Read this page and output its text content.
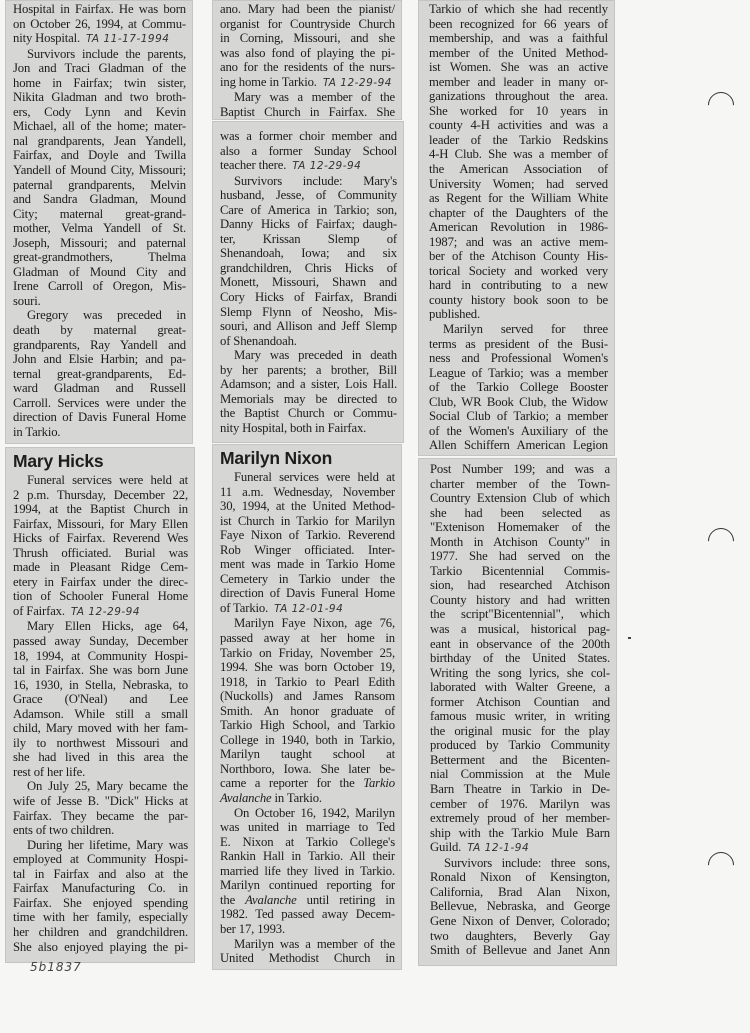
Hospital in Fairfax. He was born
on October 26, 1994, at Commu-
nity Hospital. TA 11-17-1994
Survivors include the parents,
Jon and Traci Gladman of the
home in Fairfax; twin sister,
Nikita Gladman and two broth-
ers, Cody Lynn and Kevin
Michael, all of the home; mater-
nal grandparents, Jean Yandell,
Fairfax, and Doyle and Twilla
Yandell of Mound City, Missouri;
paternal grandparents, Melvin
and Sandra Gladman, Mound
City; maternal great-grand-
mother, Velma Yandell of St.
Joseph, Missouri; and paternal
great-grandmothers, Thelma
Gladman of Mound City and
Irene Carroll of Oregon, Mis-
souri.
Gregory was preceded in
death by maternal great-
grandparents, Ray Yandell and
John and Elsie Harbin; and pa-
ternal great-grandparents, Ed-
ward Gladman and Russell
Carroll. Services were under the
direction of Davis Funeral Home
in Tarkio.
Mary Hicks
Funeral services were held at
2 p.m. Thursday, December 22,
1994, at the Baptist Church in
Fairfax, Missouri, for Mary Ellen
Hicks of Fairfax. Reverend Wes
Thrush officiated. Burial was
made in Pleasant Ridge Cem-
etery in Fairfax under the direc-
tion of Schooler Funeral Home
of Fairfax. TA 12-29-94
Mary Ellen Hicks, age 64,
passed away Sunday, December
18, 1994, at Community Hospi-
tal in Fairfax. She was born June
16, 1930, in Stella, Nebraska, to
Grace (O'Neal) and Lee
Adamson. While still a small
child, Mary moved with her fam-
ily to northwest Missouri and
she had lived in this area the
rest of her life.
On July 25, Mary became the
wife of Jesse B. "Dick" Hicks at
Fairfax. They became the par-
ents of two children.
During her lifetime, Mary was
employed at Community Hospi-
tal in Fairfax and also at the
Fairfax Manufacturing Co. in
Fairfax. She enjoyed spending
time with her family, especially
her children and grandchildren.
She also enjoyed playing the pi-
ano. Mary had been the pianist/
organist for Countryside Church
in Corning, Missouri, and she
was also fond of playing the pi-
ano for the residents of the nurs-
ing home in Tarkio. TA 12-29-94
Mary was a member of the
Baptist Church in Fairfax. She
was a former choir member and
also a former Sunday School
teacher there. TA 12-29-94
Survivors include: Mary's
husband, Jesse, of Community
Care of America in Tarkio; son,
Danny Hicks of Fairfax; daugh-
ter, Krissan Slemp of
Shenandoah, Iowa; and six
grandchildren, Chris Hicks of
Monett, Missouri, Shawn and
Cory Hicks of Fairfax, Brandi
Slemp Flynn of Neosho, Mis-
souri, and Allison and Jeff Slemp
of Shenandoah.
Mary was preceded in death
by her parents; a brother, Bill
Adamson; and a sister, Lois Hall.
Memorials may be directed to
the Baptist Church or Commu-
nity Hospital, both in Fairfax.
Marilyn Nixon
Funeral services were held at
11 a.m. Wednesday, November
30, 1994, at the United Method-
ist Church in Tarkio for Marilyn
Faye Nixon of Tarkio. Reverend
Rob Winger officiated. Inter-
ment was made in Tarkio Home
Cemetery in Tarkio under the
direction of Davis Funeral Home
of Tarkio. TA 12-01-94
Marilyn Faye Nixon, age 76,
passed away at her home in
Tarkio on Friday, November 25,
1994. She was born October 19,
1918, in Tarkio to Pearl Edith
(Nuckolls) and James Ransom
Smith. An honor graduate of
Tarkio High School, and Tarkio
College in 1940, both in Tarkio,
Marilyn taught school at
Northboro, Iowa. She later be-
came a reporter for the Tarkio
Avalanche in Tarkio.
On October 16, 1942, Marilyn
was united in marriage to Ted
E. Nixon at Tarkio College's
Rankin Hall in Tarkio. All their
married life they lived in Tarkio.
Marilyn continued reporting for
the Avalanche until retiring in
1982. Ted passed away Decem-
ber 17, 1993.
Marilyn was a member of the
United Methodist Church in
Tarkio of which she had recently
been recognized for 66 years of
membership, and was a faithful
member of the United Method-
ist Women. She was an active
member and leader in many or-
ganizations throughout the area.
She worked for 10 years in
county 4-H activities and was a
leader of the Tarkio Redskins
4-H Club. She was a member of
the American Association of
University Women; had served
as Regent for the William White
chapter of the Daughters of the
American Revolution in 1986-
1987; and was an active mem-
ber of the Atchison County His-
torical Society and worked very
hard in contributing to a new
county history book soon to be
published.
Marilyn served for three
terms as president of the Busi-
ness and Professional Women's
League of Tarkio; was a member
of the Tarkio College Booster
Club, WR Book Club, the Widow
Social Club of Tarkio; a member
of the Women's Auxiliary of the
Allen Schiffern American Legion
Post Number 199; and was a
charter member of the Town-
Country Extension Club of which
she had been selected as
"Extenison Homemaker of the
Month in Atchison County" in
1977. She had served on the
Tarkio Bicentennial Commis-
sion, had researched Atchison
County history and had written
the script"Bicentennial", which
was a musical, historical pag-
eant in observance of the 200th
birthday of the United States.
Writing the song lyrics, she col-
laborated with Walter Greene, a
former Atchison Countian and
famous music writer, in writing
the original music for the play
produced by Tarkio Community
Betterment and the Bicenten-
nial Commission at the Mule
Barn Theatre in Tarkio in De-
cember of 1976. Marilyn was
extremely proud of her member-
ship with the Tarkio Mule Barn
Guild. TA 12-1-94
Survivors include: three sons,
Ronald Nixon of Kensington,
California, Brad Alan Nixon,
Bellevue, Nebraska, and George
Gene Nixon of Denver, Colorado;
two daughters, Beverly Gay
Smith of Bellevue and Janet Ann
5b1837
